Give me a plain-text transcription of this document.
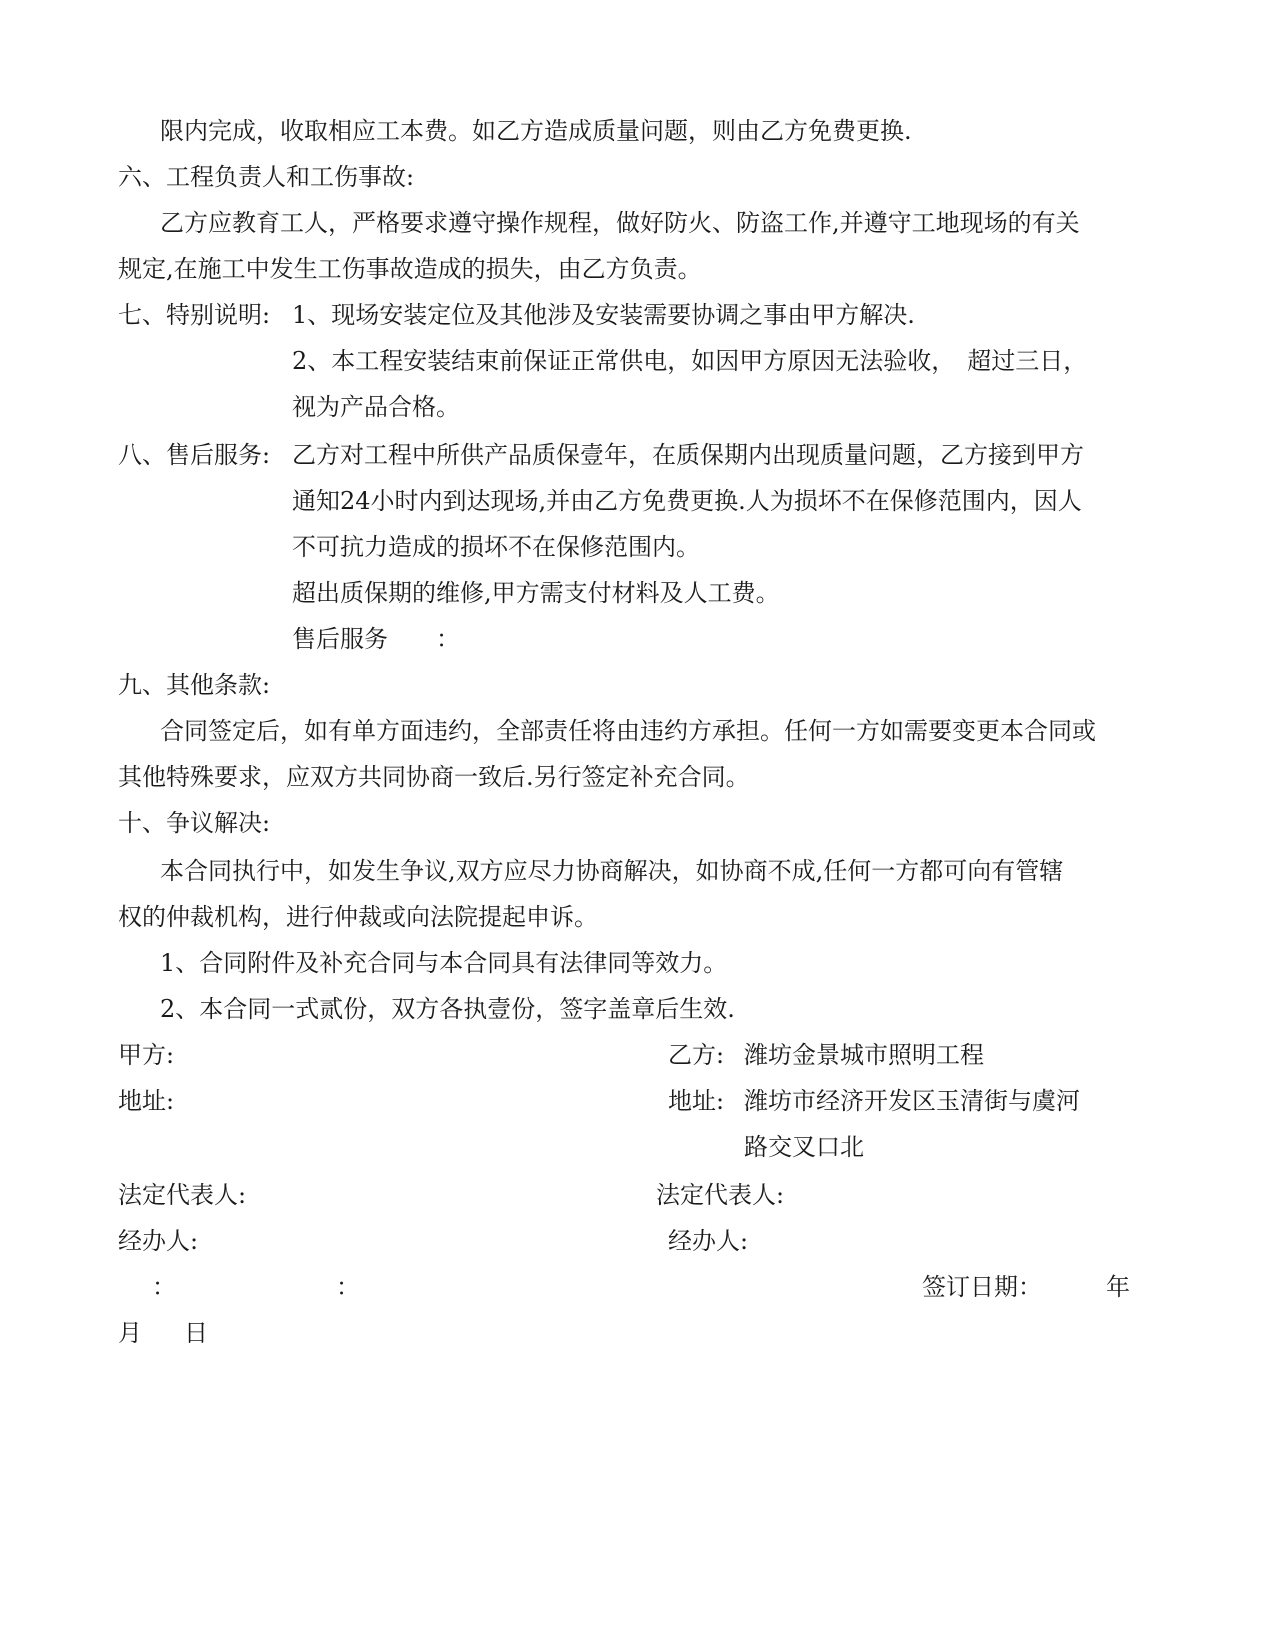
限内完成，收取相应工本费。如乙方造成质量问题，则由乙方免费更换.
六、工程负责人和工伤事故:
乙方应教育工人，严格要求遵守操作规程，做好防火、防盗工作,并遵守工地现场的有关
规定,在施工中发生工伤事故造成的损失，由乙方负责。
七、特别说明: 1、现场安装定位及其他涉及安装需要协调之事由甲方解决.
2、本工程安装结束前保证正常供电，如因甲方原因无法验收，　超过三日，
视为产品合格。
八、售后服务: 乙方对工程中所供产品质保壹年，在质保期内出现质量问题，乙方接到甲方
通知24小时内到达现场,并由乙方免费更换.人为损坏不在保修范围内，因人
不可抗力造成的损坏不在保修范围内。
超出质保期的维修,甲方需支付材料及人工费。
售后服务　　：
九、其他条款:
合同签定后，如有单方面违约，全部责任将由违约方承担。任何一方如需要变更本合同或
其他特殊要求，应双方共同协商一致后.另行签定补充合同。
十、争议解决:
本合同执行中，如发生争议,双方应尽力协商解决，如协商不成,任何一方都可向有管辖
权的仲裁机构，进行仲裁或向法院提起申诉。
1、合同附件及补充合同与本合同具有法律同等效力。
2、本合同一式贰份，双方各执壹份，签字盖章后生效.
甲方:	乙方: 潍坊金景城市照明工程
地址:	地址: 潍坊市经济开发区玉清街与虞河
路交叉口北
法定代表人:	法定代表人:
经办人:	经办人:
：	：	签订日期：	年
月 日
